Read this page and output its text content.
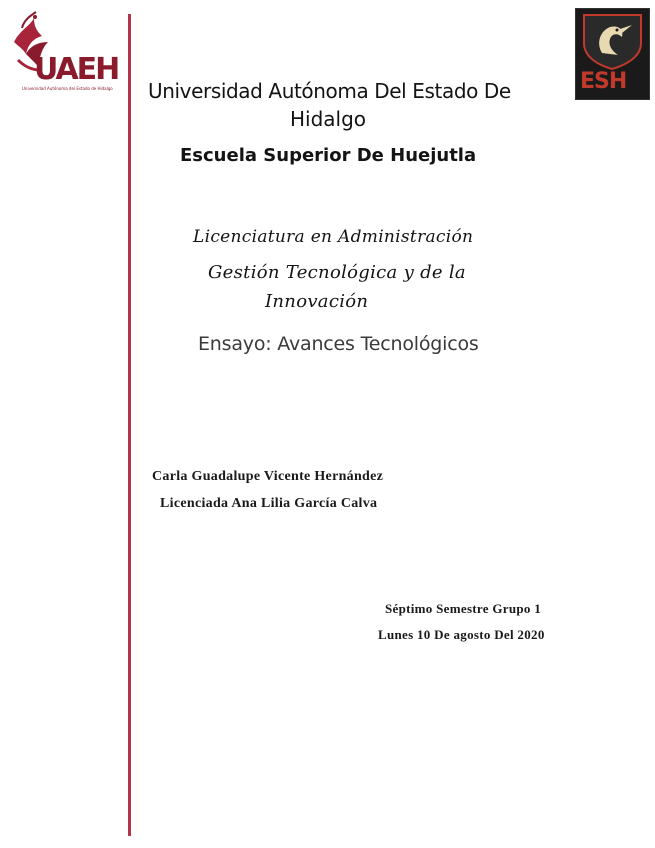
UAEH
Universidad Autónoma del Estado de Hidalgo	ESH
Universidad Autónoma Del Estado De
Hidalgo
Escuela Superior De Huejutla
Licenciatura en Administración
Gestión Tecnológica y de la
Innovación
Ensayo: Avances Tecnológicos
Carla Guadalupe Vicente Hernández
Licenciada Ana Lilia García Calva
Séptimo Semestre Grupo 1
Lunes 10 De agosto Del 2020
